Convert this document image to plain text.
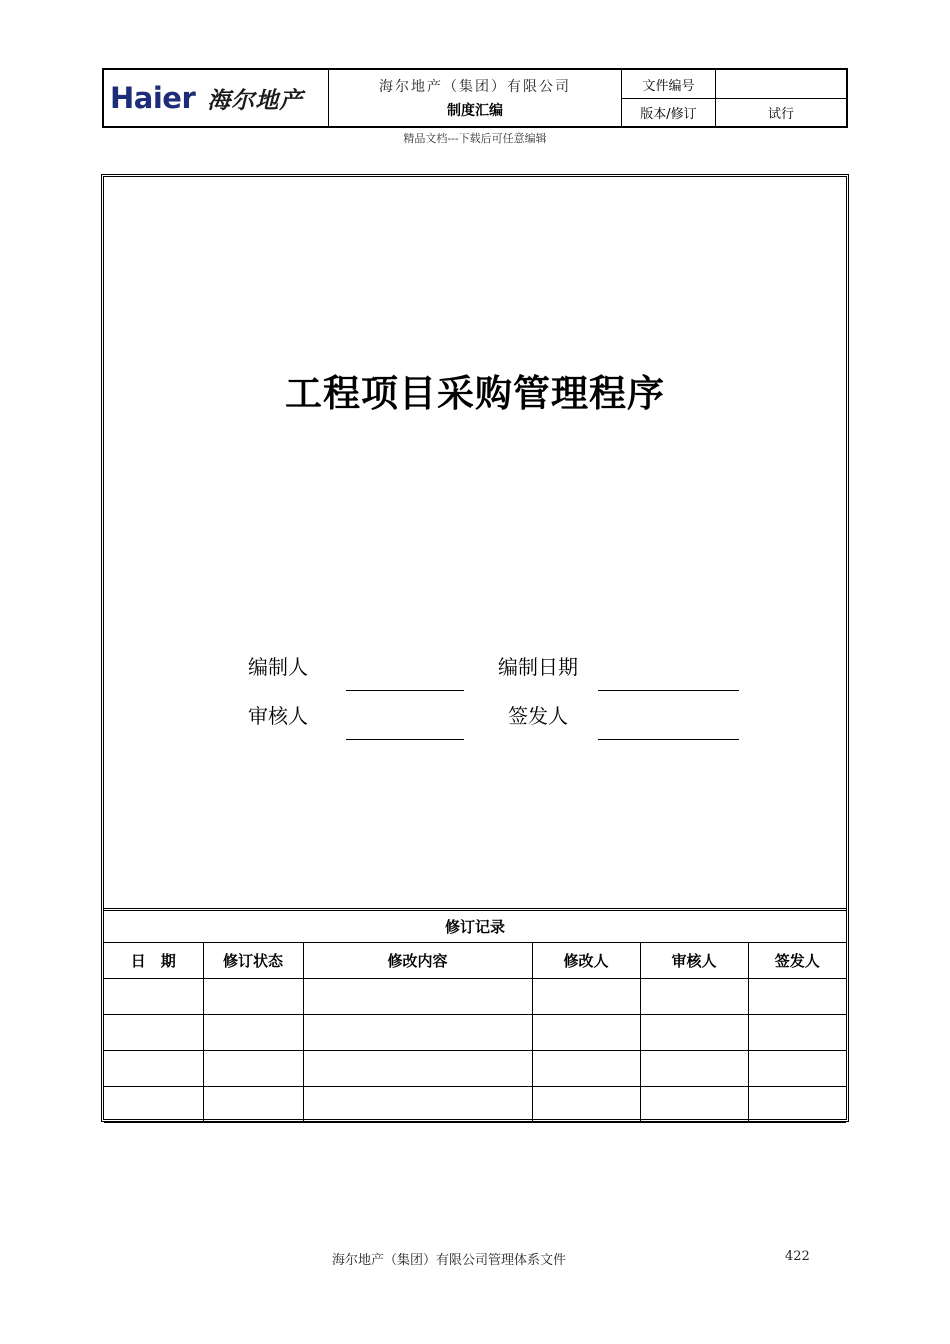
Haier 海尔地产
海尔地产（集团）有限公司
制度汇编
文件编号
版本/修订	试行
精品文档---下载后可任意编辑
工程项目采购管理程序
编制人	编制日期
审核人	签发人
修订记录
日　期	修订状态	修改内容	修改人	审核人	签发人

海尔地产（集团）有限公司管理体系文件	422
